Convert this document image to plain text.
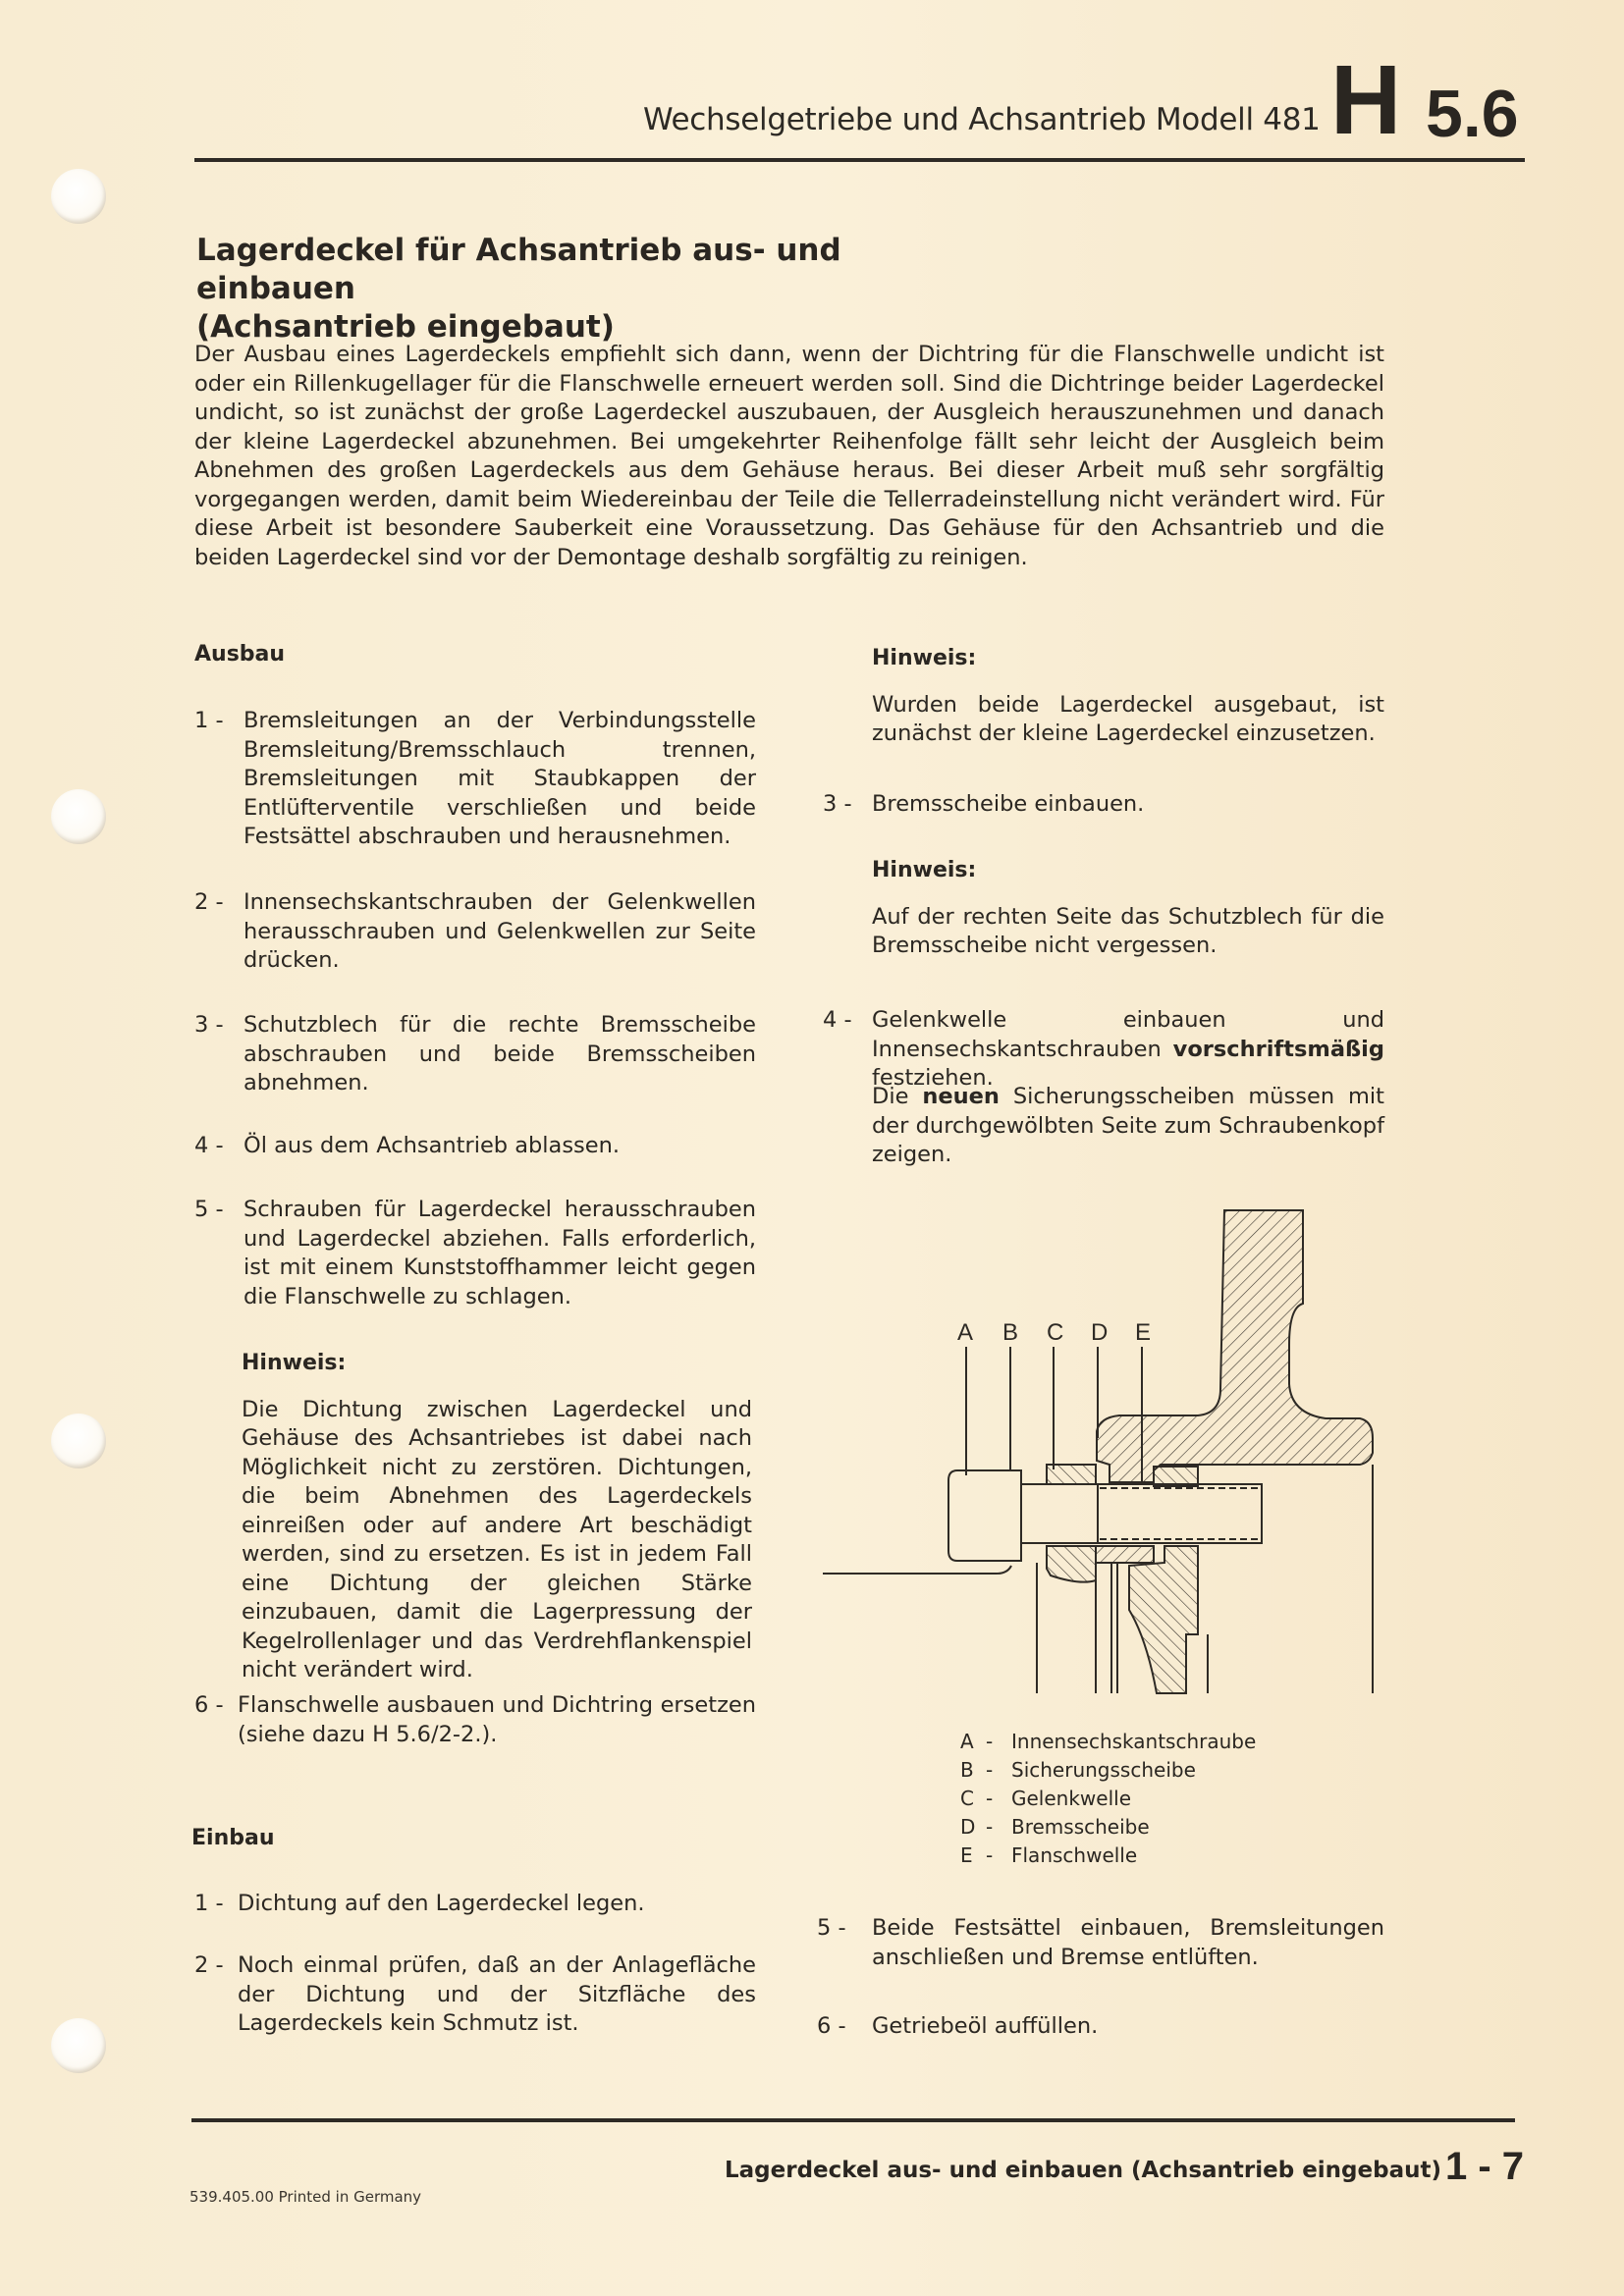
Wechselgetriebe und Achsantrieb Modell 481 H 5.6
Lagerdeckel für Achsantrieb aus- und einbauen
(Achsantrieb eingebaut)

Der Ausbau eines Lagerdeckels empfiehlt sich dann, wenn der Dichtring für die Flanschwelle undicht ist oder ein Rillenkugellager für die Flanschwelle erneuert werden soll. Sind die Dichtringe beider Lagerdeckel undicht, so ist zunächst der große Lagerdeckel auszubauen, der Ausgleich herauszunehmen und danach der kleine Lagerdeckel abzunehmen. Bei umgekehrter Reihenfolge fällt sehr leicht der Ausgleich beim Abnehmen des großen Lagerdeckels aus dem Gehäuse heraus. Bei dieser Arbeit muß sehr sorgfältig vorgegangen werden, damit beim Wiedereinbau der Teile die Tellerradeinstellung nicht verändert wird. Für diese Arbeit ist besondere Sauberkeit eine Voraussetzung. Das Gehäuse für den Achsantrieb und die beiden Lagerdeckel sind vor der Demontage deshalb sorgfältig zu reinigen.

Ausbau
1 - Bremsleitungen an der Verbindungsstelle Bremsleitung/Bremsschlauch trennen, Bremsleitungen mit Staubkappen der Entlüfterventile verschließen und beide Festsättel abschrauben und herausnehmen.
2 - Innensechskantschrauben der Gelenkwellen herausschrauben und Gelenkwellen zur Seite drücken.
3 - Schutzblech für die rechte Bremsscheibe abschrauben und beide Bremsscheiben abnehmen.
4 - Öl aus dem Achsantrieb ablassen.
5 - Schrauben für Lagerdeckel herausschrauben und Lagerdeckel abziehen. Falls erforderlich, ist mit einem Kunststoffhammer leicht gegen die Flanschwelle zu schlagen.
Hinweis:
Die Dichtung zwischen Lagerdeckel und Gehäuse des Achsantriebes ist dabei nach Möglichkeit nicht zu zerstören. Dichtungen, die beim Abnehmen des Lagerdeckels einreißen oder auf andere Art beschädigt werden, sind zu ersetzen. Es ist in jedem Fall eine Dichtung der gleichen Stärke einzubauen, damit die Lagerpressung der Kegelrollenlager und das Verdrehflankenspiel nicht verändert wird.
6 - Flanschwelle ausbauen und Dichtring ersetzen (siehe dazu H 5.6/2-2.).
Einbau
1 - Dichtung auf den Lagerdeckel legen.
2 - Noch einmal prüfen, daß an der Anlagefläche der Dichtung und der Sitzfläche des Lagerdeckels kein Schmutz ist.
Hinweis:
Wurden beide Lagerdeckel ausgebaut, ist zunächst der kleine Lagerdeckel einzusetzen.
3 - Bremsscheibe einbauen.
Hinweis:
Auf der rechten Seite das Schutzblech für die Bremsscheibe nicht vergessen.
4 - Gelenkwelle einbauen und Innensechskantschrauben vorschriftsmäßig festziehen.
Die neuen Sicherungsscheiben müssen mit der durchgewölbten Seite zum Schraubenkopf zeigen.
A B C D E
A - Innensechskantschraube
B - Sicherungsscheibe
C - Gelenkwelle
D - Bremsscheibe
E - Flanschwelle
5 -	Beide Festsättel einbauen, Bremsleitungen anschließen und Bremse entlüften.
6 -	Getriebeöl auffüllen.
Lagerdeckel aus- und einbauen (Achsantrieb eingebaut) 1 - 7
539.405.00 Printed in Germany
